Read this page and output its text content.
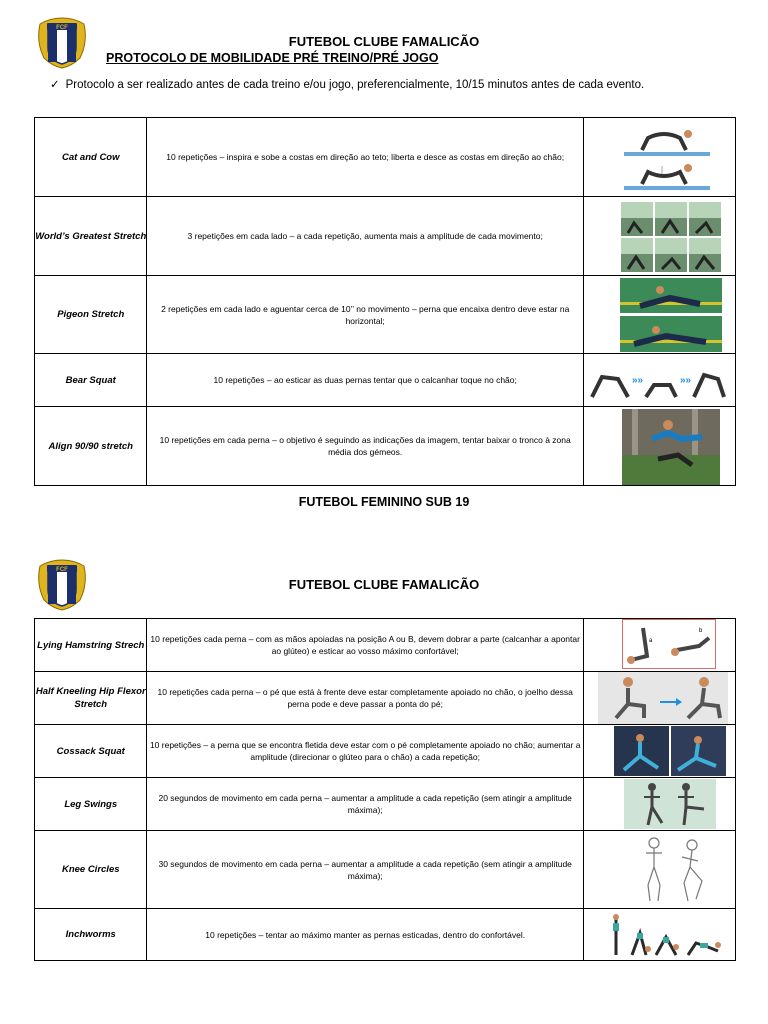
FCF
FUTEBOL CLUBE FAMALICÃO
PROTOCOLO DE MOBILIDADE PRÉ TREINO/PRÉ JOGO
✓ Protocolo a ser realizado antes de cada treino e/ou jogo, preferencialmente, 10/15 minutos antes de cada evento.
Cat and Cow	10 repetições – inspira e sobe a costas em direção ao teto; liberta e desce as costas em direção ao chão;	

World’s Greatest Stretch	3 repetições em cada lado – a cada repetição, aumenta mais a amplitude de cada movimento;	

Pigeon Stretch	2 repetições em cada lado e aguentar cerca de 10’’ no movimento – perna que encaixa dentro deve estar na horizontal;	

Bear Squat	10 repetições – ao esticar as duas pernas tentar que o calcanhar toque no chão;	»» »»

Align 90/90 stretch	10 repetições em cada perna – o objetivo é seguindo as indicações da imagem, tentar baixar o tronco à zona média dos gémeos.	
FUTEBOL FEMININO SUB 19
FCF
FUTEBOL CLUBE FAMALICÃO
Lying Hamstring Strech	10 repetições cada perna – com as mãos apoiadas na posição A ou B, devem dobrar a parte (calcanhar a apontar ao glúteo) e esticar ao vosso máximo confortável;	a
b

Half Kneeling Hip Flexor Stretch	10 repetições cada perna – o pé que está à frente deve estar completamente apoiado no chão, o joelho dessa perna pode e deve passar a ponta do pé;	

Cossack Squat	10 repetições – a perna que se encontra fletida deve estar com o pé completamente apoiado no chão; aumentar a amplitude (direcionar o glúteo para o chão) a cada repetição;	

Leg Swings	20 segundos de movimento em cada perna – aumentar a amplitude a cada repetição (sem atingir a amplitude máxima);	

Knee Circles	30 segundos de movimento em cada perna – aumentar a amplitude a cada repetição (sem atingir a amplitude máxima);	

Inchworms	10 repetições – tentar ao máximo manter as pernas esticadas, dentro do confortável.	
